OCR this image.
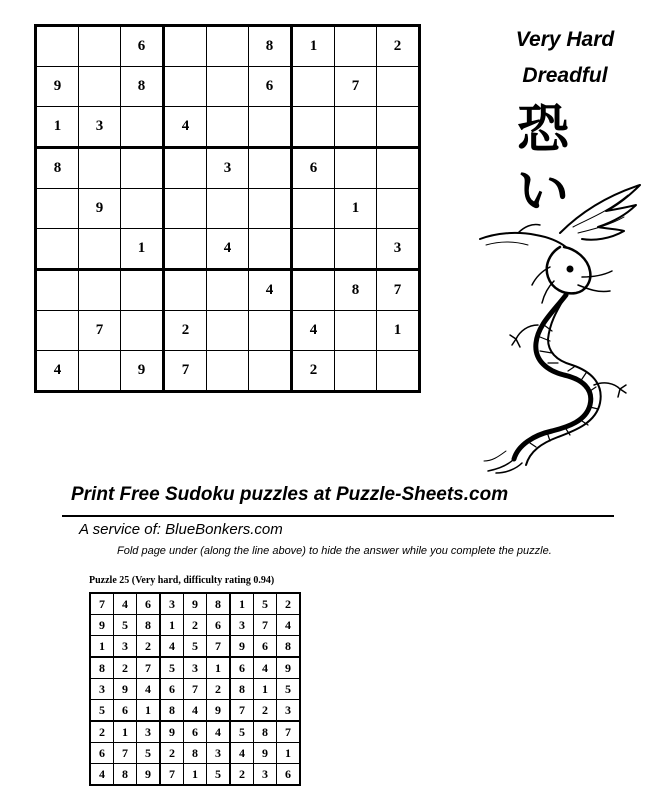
		6			8	1		2
9		8			6		7	
1	3		4					
8				3		6		
	9						1	
		1		4				3
					4		8	7
	7		2			4		1
4		9	7			2		
Very Hard
Dreadful
恐
い
Print Free Sudoku puzzles at Puzzle-Sheets.com
A service of: BlueBonkers.com
Fold page under (along the line above) to hide the answer while you complete the puzzle.
Puzzle 25 (Very hard, difficulty rating 0.94)
7	4	6	3	9	8	1	5	2
9	5	8	1	2	6	3	7	4
1	3	2	4	5	7	9	6	8
8	2	7	5	3	1	6	4	9
3	9	4	6	7	2	8	1	5
5	6	1	8	4	9	7	2	3
2	1	3	9	6	4	5	8	7
6	7	5	2	8	3	4	9	1
4	8	9	7	1	5	2	3	6
